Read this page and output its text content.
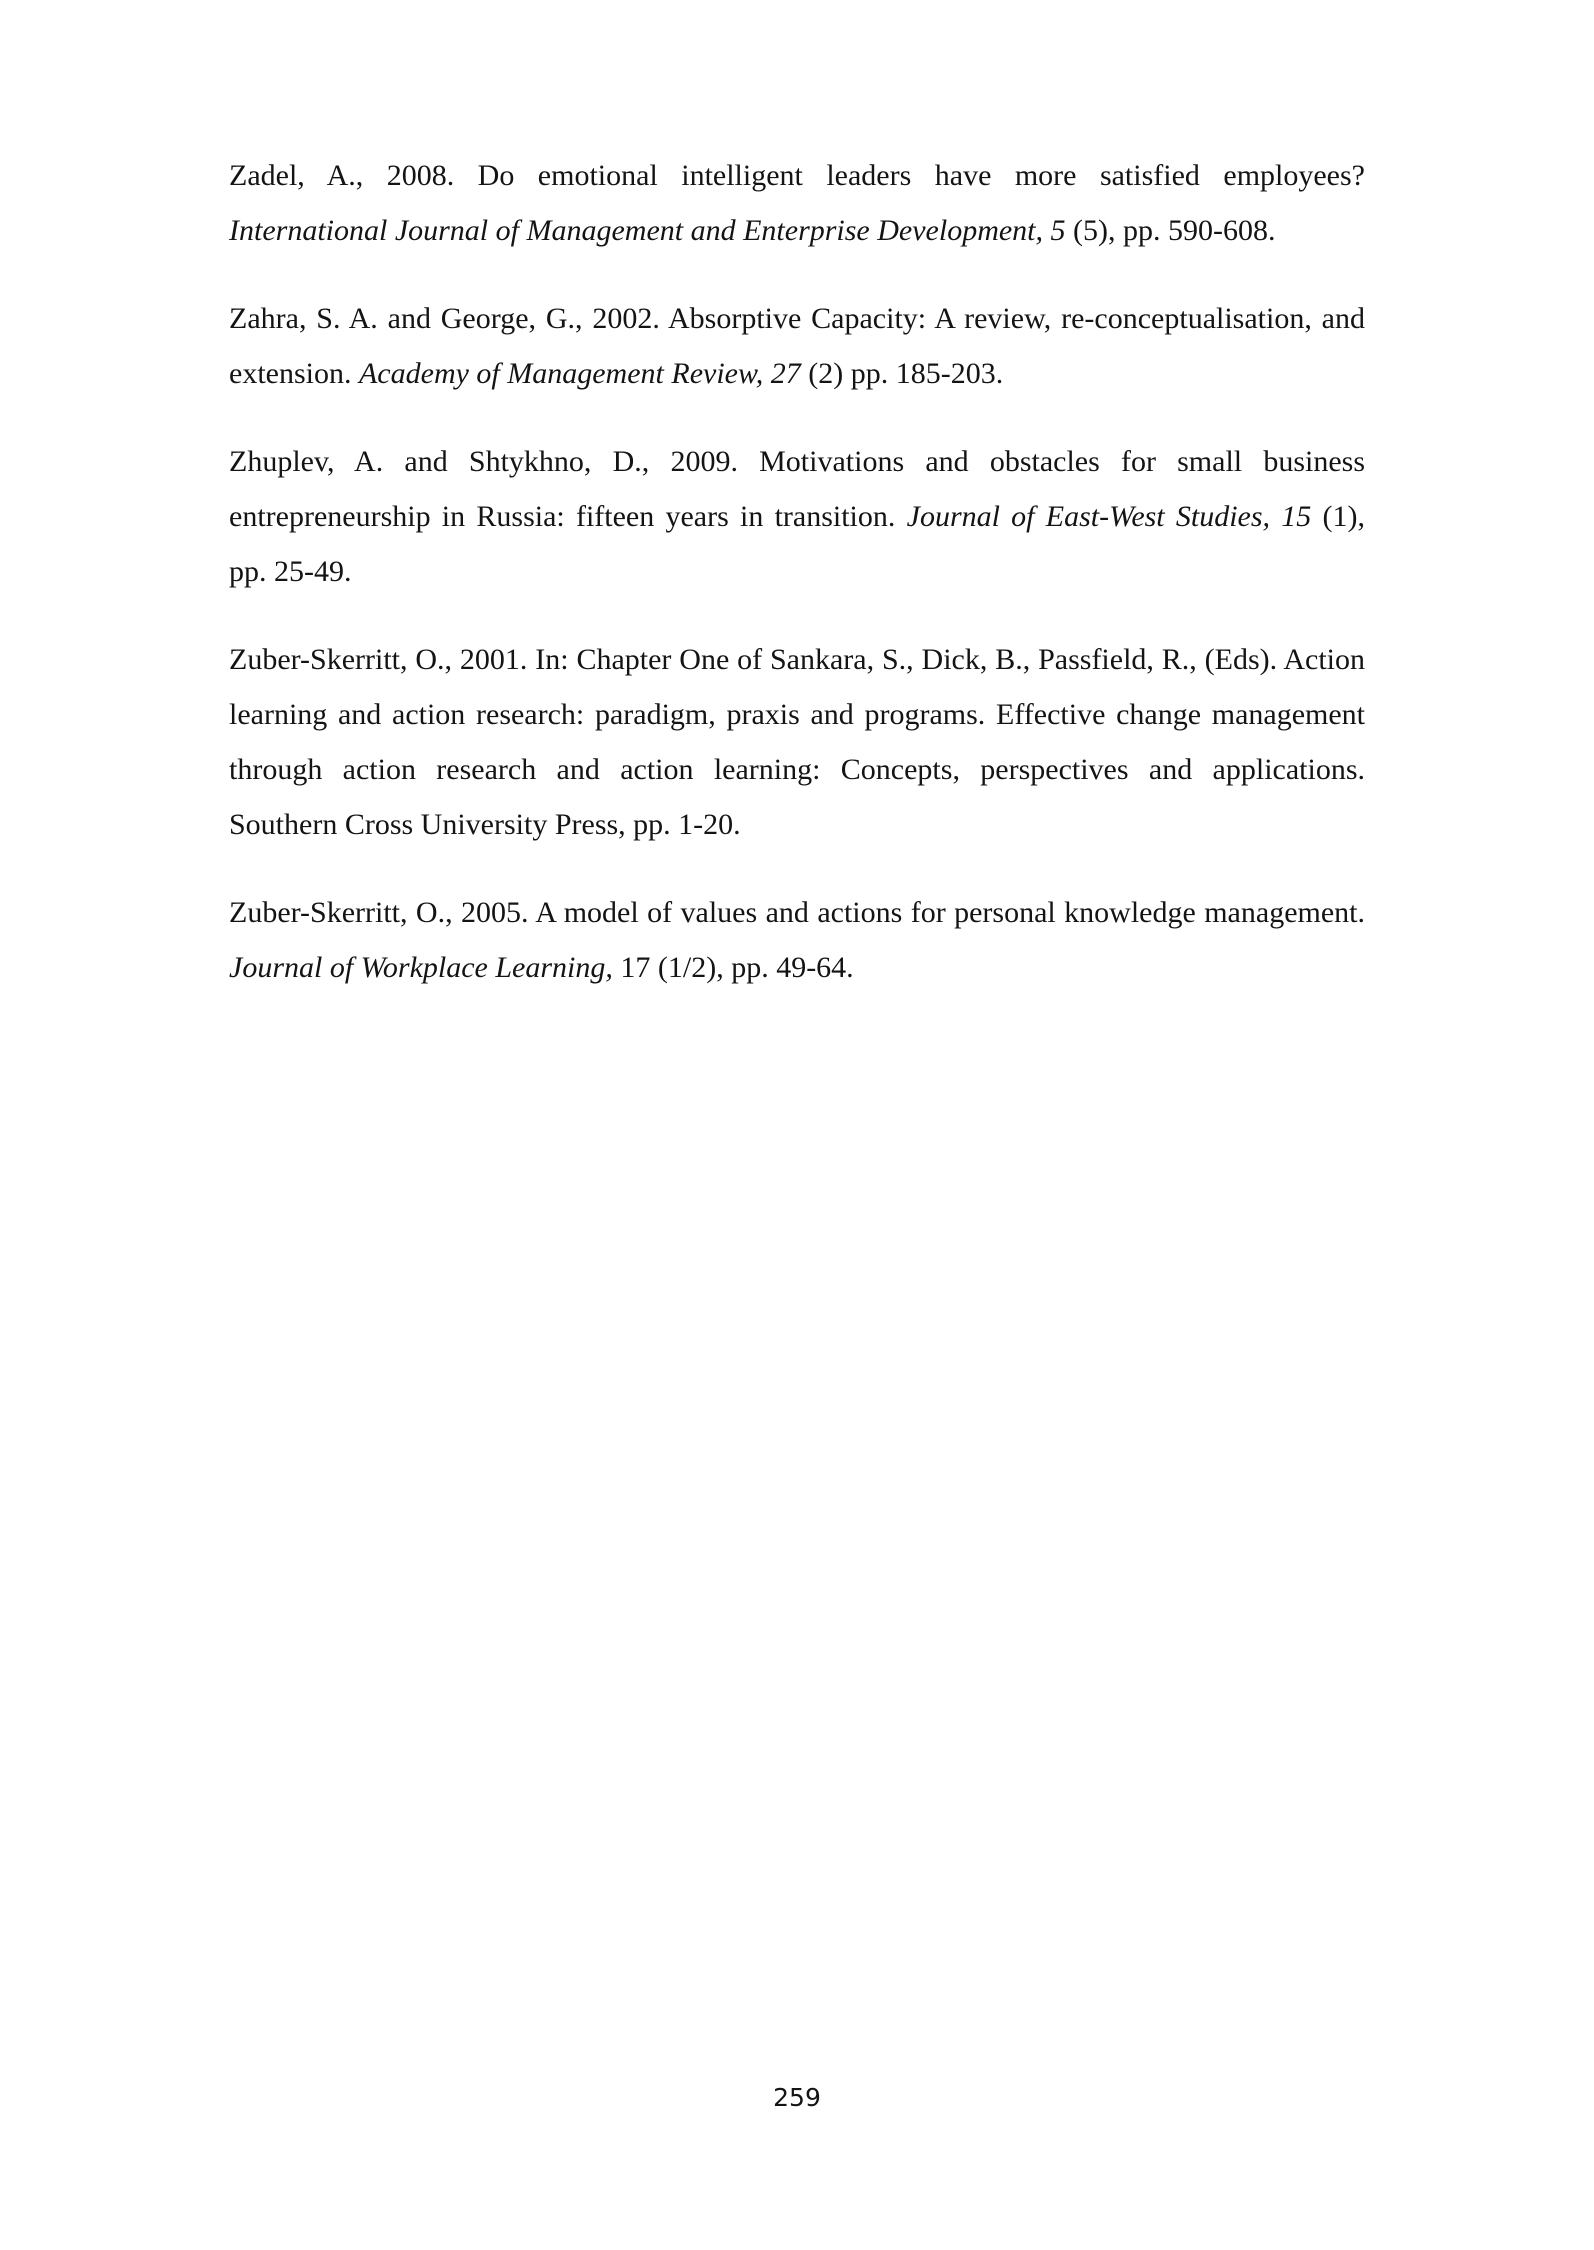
Zadel, A., 2008. Do emotional intelligent leaders have more satisfied employees? International Journal of Management and Enterprise Development, 5 (5), pp. 590-608.

Zahra, S. A. and George, G., 2002. Absorptive Capacity: A review, re-conceptualisation, and extension. Academy of Management Review, 27 (2) pp. 185-203.

Zhuplev, A. and Shtykhno, D., 2009. Motivations and obstacles for small business entrepreneurship in Russia: fifteen years in transition. Journal of East-West Studies, 15 (1), pp. 25-49.

Zuber-Skerritt, O., 2001. In: Chapter One of Sankara, S., Dick, B., Passfield, R., (Eds). Action learning and action research: paradigm, praxis and programs. Effective change management through action research and action learning: Concepts, perspectives and applications. Southern Cross University Press, pp. 1-20.

Zuber-Skerritt, O., 2005. A model of values and actions for personal knowledge management. Journal of Workplace Learning, 17 (1/2), pp. 49-64.

259
